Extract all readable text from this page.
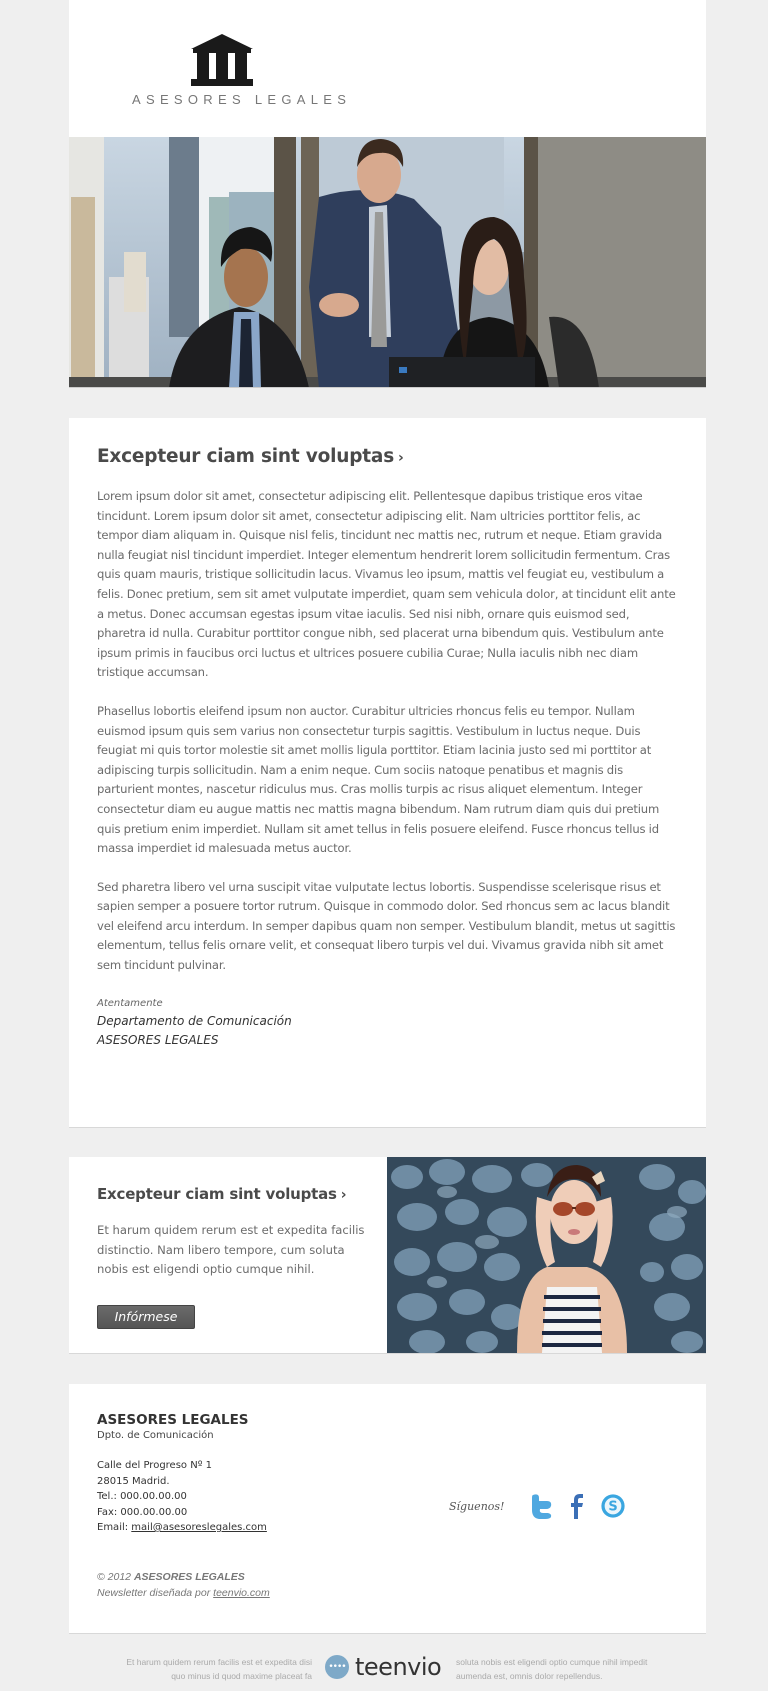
ASESORES LEGALES
Excepteur ciam sint voluptas ›

Lorem ipsum dolor sit amet, consectetur adipiscing elit. Pellentesque dapibus tristique eros vitae tincidunt. Lorem ipsum dolor sit amet, consectetur adipiscing elit. Nam ultricies porttitor felis, ac tempor diam aliquam in. Quisque nisl felis, tincidunt nec mattis nec, rutrum et neque. Etiam gravida nulla feugiat nisl tincidunt imperdiet. Integer elementum hendrerit lorem sollicitudin fermentum. Cras quis quam mauris, tristique sollicitudin lacus. Vivamus leo ipsum, mattis vel feugiat eu, vestibulum a felis. Donec pretium, sem sit amet vulputate imperdiet, quam sem vehicula dolor, at tincidunt elit ante a metus. Donec accumsan egestas ipsum vitae iaculis. Sed nisi nibh, ornare quis euismod sed, pharetra id nulla. Curabitur porttitor congue nibh, sed placerat urna bibendum quis. Vestibulum ante ipsum primis in faucibus orci luctus et ultrices posuere cubilia Curae; Nulla iaculis nibh nec diam tristique accumsan.

Phasellus lobortis eleifend ipsum non auctor. Curabitur ultricies rhoncus felis eu tempor. Nullam euismod ipsum quis sem varius non consectetur turpis sagittis. Vestibulum in luctus neque. Duis feugiat mi quis tortor molestie sit amet mollis ligula porttitor. Etiam lacinia justo sed mi porttitor at adipiscing turpis sollicitudin. Nam a enim neque. Cum sociis natoque penatibus et magnis dis parturient montes, nascetur ridiculus mus. Cras mollis turpis ac risus aliquet elementum. Integer consectetur diam eu augue mattis nec mattis magna bibendum. Nam rutrum diam quis dui pretium quis pretium enim imperdiet. Nullam sit amet tellus in felis posuere eleifend. Fusce rhoncus tellus id massa imperdiet id malesuada metus auctor.

Sed pharetra libero vel urna suscipit vitae vulputate lectus lobortis. Suspendisse scelerisque risus et sapien semper a posuere tortor rutrum. Quisque in commodo dolor. Sed rhoncus sem ac lacus blandit vel eleifend arcu interdum. In semper dapibus quam non semper. Vestibulum blandit, metus ut sagittis elementum, tellus felis ornare velit, et consequat libero turpis vel dui. Vivamus gravida nibh sit amet sem tincidunt pulvinar.

Atentamente
Departamento de Comunicación
ASESORES LEGALES
Excepteur ciam sint voluptas ›

Et harum quidem rerum est et expedita facilis distinctio. Nam libero tempore, cum soluta nobis est eligendi optio cumque nihil.

Infórmese
ASESORES LEGALES
Dpto. de Comunicación
Calle del Progreso Nº 1
28015 Madrid.
Tel.: 000.00.00.00
Fax: 000.00.00.00
Email: mail@asesoreslegales.com
© 2012 ASESORES LEGALES
Newsletter diseñada por teenvio.com
Síguenos!	S
Et harum quidem rerum facilis est et expedita disi
quo minus id quod maxime placeat fa
•••• teenvio soluta nobis est eligendi optio cumque nihil impedit
aumenda est, omnis dolor repellendus.
